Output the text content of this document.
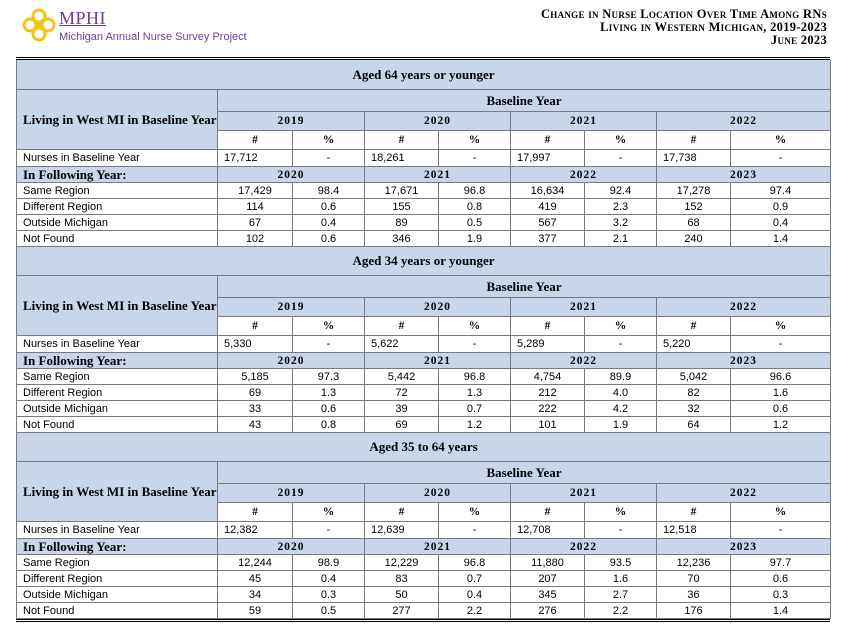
MPHI
Michigan Annual Nurse Survey Project
Change in Nurse Location Over Time Among RNs
Living in Western Michigan, 2019-2023
June 2023
Aged 64 years or younger								
Living in West MI in Baseline Year	Baseline Year							
	2019		2020		2021		2022	
	#	%	#	%	#	%	#	%
Nurses in Baseline Year	17,712	-	18,261	-	17,997	-	17,738	-
In Following Year:	2020		2021		2022		2023	
Same Region	17,429	98.4	17,671	96.8	16,634	92.4	17,278	97.4
Different Region	114	0.6	155	0.8	419	2.3	152	0.9
Outside Michigan	67	0.4	89	0.5	567	3.2	68	0.4
Not Found	102	0.6	346	1.9	377	2.1	240	1.4
Aged 34 years or younger								
Living in West MI in Baseline Year	Baseline Year							
	2019		2020		2021		2022	
	#	%	#	%	#	%	#	%
Nurses in Baseline Year	5,330	-	5,622	-	5,289	-	5,220	-
In Following Year:	2020		2021		2022		2023	
Same Region	5,185	97.3	5,442	96.8	4,754	89.9	5,042	96.6
Different Region	69	1.3	72	1.3	212	4.0	82	1.6
Outside Michigan	33	0.6	39	0.7	222	4.2	32	0.6
Not Found	43	0.8	69	1.2	101	1.9	64	1.2
Aged 35 to 64 years								
Living in West MI in Baseline Year	Baseline Year							
	2019		2020		2021		2022	
	#	%	#	%	#	%	#	%
Nurses in Baseline Year	12,382	-	12,639	-	12,708	-	12,518	-
In Following Year:	2020		2021		2022		2023	
Same Region	12,244	98.9	12,229	96.8	11,880	93.5	12,236	97.7
Different Region	45	0.4	83	0.7	207	1.6	70	0.6
Outside Michigan	34	0.3	50	0.4	345	2.7	36	0.3
Not Found	59	0.5	277	2.2	276	2.2	176	1.4
